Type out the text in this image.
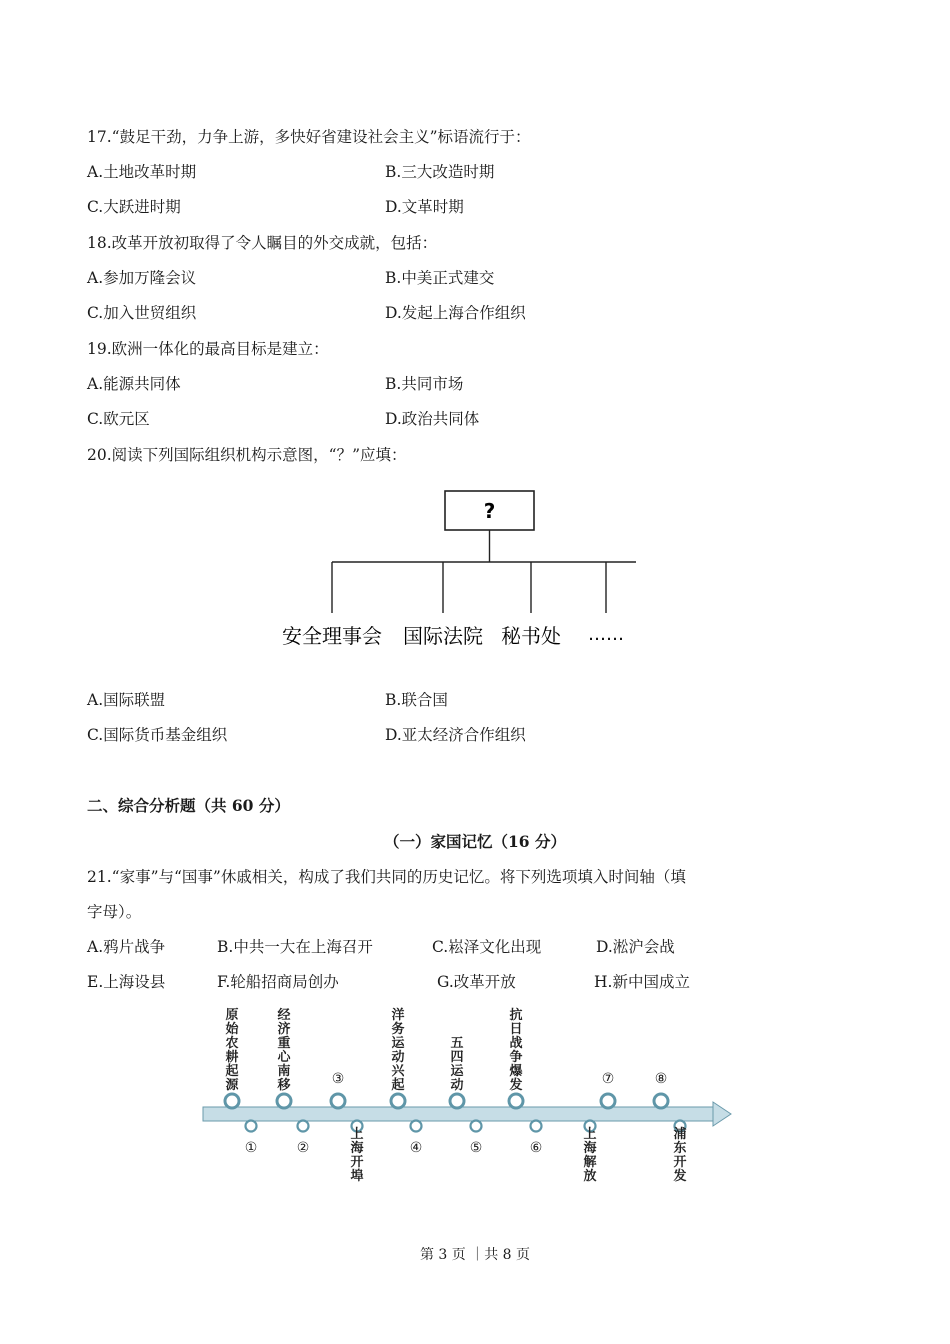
17.“鼓足干劲，力争上游，多快好省建设社会主义”标语流行于：
A.土地改革时期	B.三大改造时期
C.大跃进时期	D.文革时期
18.改革开放初取得了令人瞩目的外交成就，包括：
A.参加万隆会议	B.中美正式建交
C.加入世贸组织	D.发起上海合作组织
19.欧洲一体化的最高目标是建立：
A.能源共同体	B.共同市场
C.欧元区	D.政治共同体
20.阅读下列国际组织机构示意图，“？”应填：
?
安全理事会 国际法院 秘书处 ……
A.国际联盟	B.联合国
C.国际货币基金组织	D.亚太经济合作组织
二、综合分析题（共 60 分）
（一）家国记忆（16 分）
21.“家事”与“国事”休戚相关，构成了我们共同的历史记忆。将下列选项填入时间轴（填
字母）。
A.鸦片战争	B.中共一大在上海召开	C.崧泽文化出现	D.淞沪会战
E.上海设县	F.轮船招商局创办	G.改革开放	H.新中国成立
原始农耕起源
经济重心南移	③
洋务运动兴起
五四运动
抗日战争爆发	⑦	⑧
①	②
上海开埠
④	⑤	⑥
上海解放
浦东开发
第 3 页 ｜共 8 页
